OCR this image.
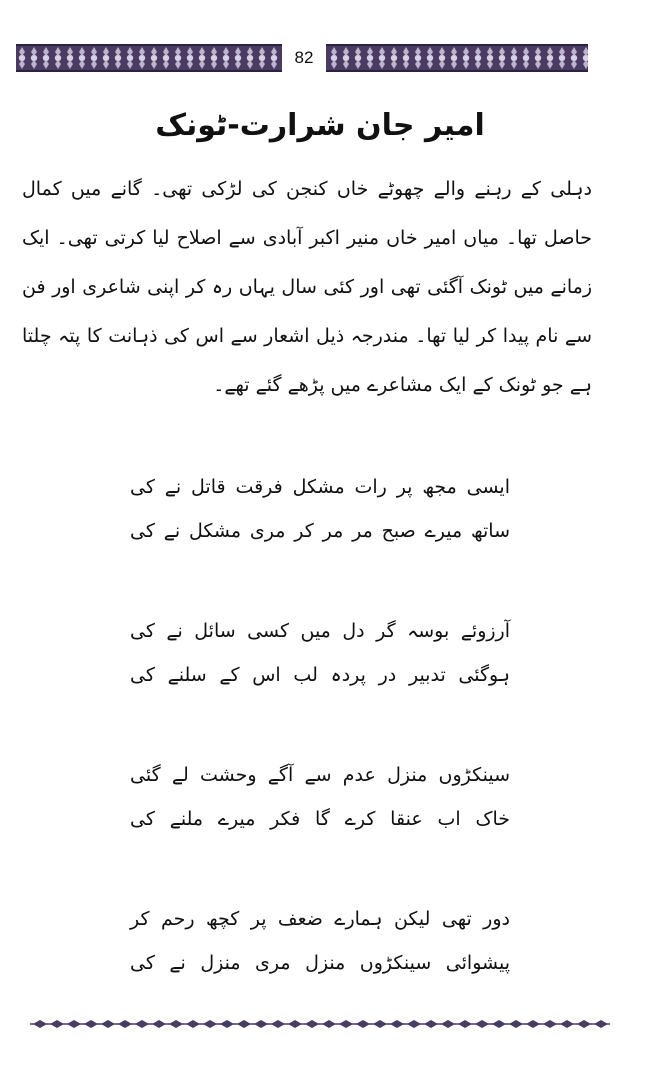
82
امیر جان شرارت-ٹونک

دہلی کے رہنے والے چھوٹے خاں کنجن کی لڑکی تھی۔ گانے میں کمال حاصل تھا۔ میاں امیر خاں منیر اکبر آبادی سے اصلاح لیا کرتی تھی۔ ایک زمانے میں ٹونک آگئی تھی اور کئی سال یہاں رہ کر اپنی شاعری اور فن سے نام پیدا کر لیا تھا۔ مندرجہ ذیل اشعار سے اس کی ذہانت کا پتہ چلتا ہے جو ٹونک کے ایک مشاعرے میں پڑھے گئے تھے۔

ایسی مجھ پر رات مشکل فرقت قاتل نے کی
ساتھ میرے صبح مر مر کر مری مشکل نے کی
آرزوئے بوسہ گر دل میں کسی سائل نے کی
ہوگئی تدبیر در پردہ لب اس کے سلنے کی
سینکڑوں منزل عدم سے آگے وحشت لے گئی
خاک اب عنقا کرے گا فکر میرے ملنے کی
دور تھی لیکن ہمارے ضعف پر کچھ رحم کر
پیشوائی سینکڑوں منزل مری منزل نے کی
